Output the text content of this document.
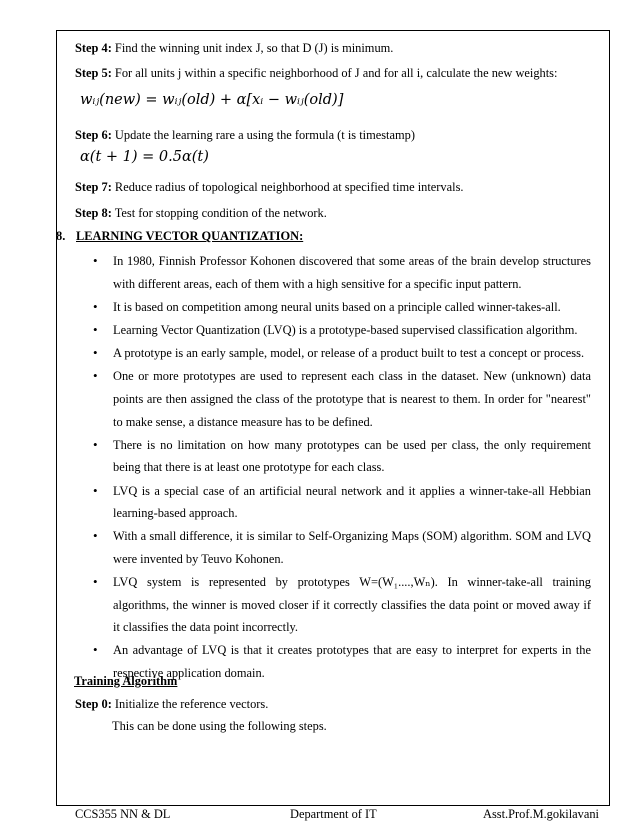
Step 4: Find the winning unit index J, so that D (J) is minimum.
Step 5: For all units j within a specific neighborhood of J and for all i, calculate the new weights:
wᵢⱼ(new) = wᵢⱼ(old) + α[xᵢ − wᵢⱼ(old)]
Step 6: Update the learning rare a using the formula (t is timestamp)
α(t + 1) = 0.5α(t)
Step 7: Reduce radius of topological neighborhood at specified time intervals.
Step 8: Test for stopping condition of the network.
8. LEARNING VECTOR QUANTIZATION:
• In 1980, Finnish Professor Kohonen discovered that some areas of the brain develop structures with different areas, each of them with a high sensitive for a specific input pattern.
• It is based on competition among neural units based on a principle called winner-takes-all.
• Learning Vector Quantization (LVQ) is a prototype-based supervised classification algorithm.
• A prototype is an early sample, model, or release of a product built to test a concept or process.
• One or more prototypes are used to represent each class in the dataset. New (unknown) data points are then assigned the class of the prototype that is nearest to them. In order for "nearest" to make sense, a distance measure has to be defined.
• There is no limitation on how many prototypes can be used per class, the only requirement being that there is at least one prototype for each class.
• LVQ is a special case of an artificial neural network and it applies a winner-take-all Hebbian learning-based approach.
• With a small difference, it is similar to Self-Organizing Maps (SOM) algorithm. SOM and LVQ were invented by Teuvo Kohonen.
• LVQ system is represented by prototypes W=(W₁....,Wₙ). In winner-take-all training algorithms, the winner is moved closer if it correctly classifies the data point or moved away if it classifies the data point incorrectly.
• An advantage of LVQ is that it creates prototypes that are easy to interpret for experts in the respective application domain.
Training Algorithm
Step 0: Initialize the reference vectors.
This can be done using the following steps.
CCS355 NN & DL	Department of IT	Asst.Prof.M.gokilavani
